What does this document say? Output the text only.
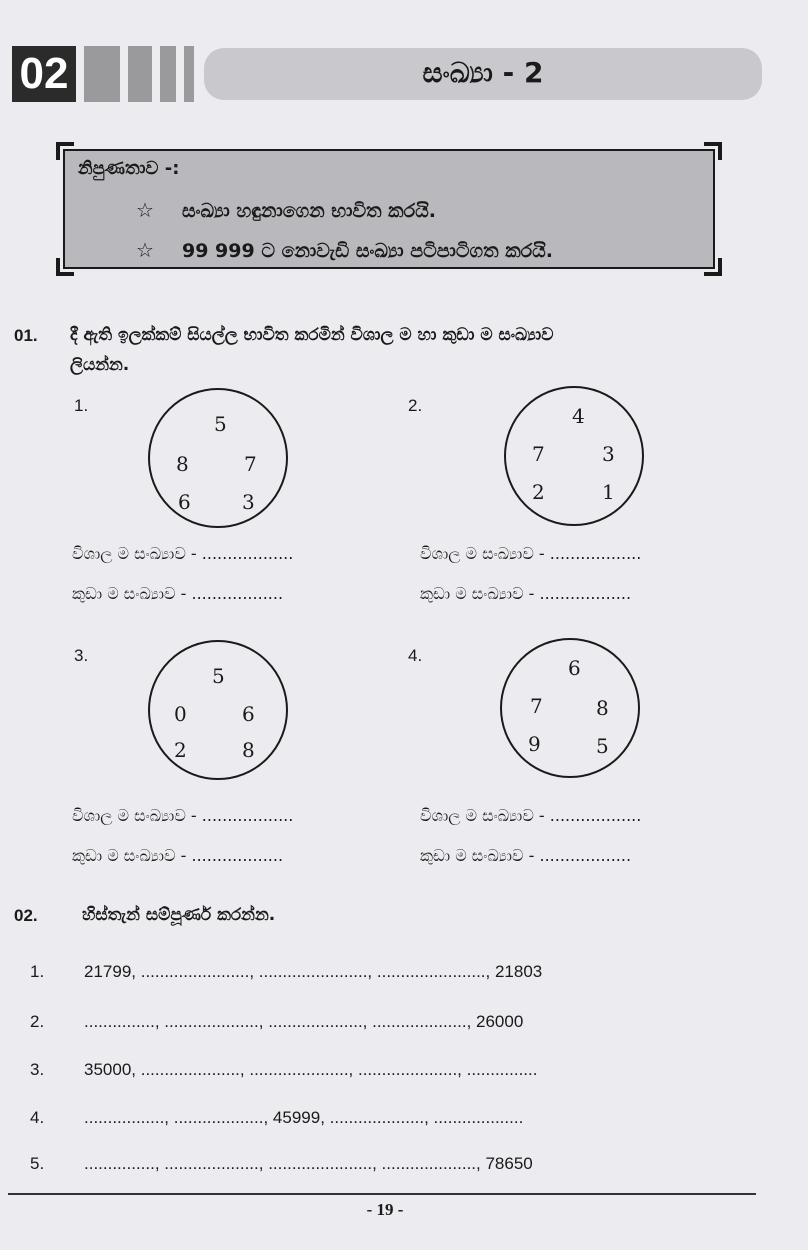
02	සංඛ්‍යා - 2
නිපුණතාව -:
☆ සංඛ්‍යා හඳුනාගෙන භාවිත කරයි.
☆ 99 999 ට නොවැඩි සංඛ්‍යා පටිපාටිගත කරයි.
01. දී ඇති ඉලක්කම් සියල්ල භාවිත කරමින් විශාල ම හා කුඩා ම සංඛ්‍යාව
ලියන්න.
1.
5
8	7
6	3
2.	4
7	3
2	1
විශාල ම සංඛ්‍යාව - ..................	විශාල ම සංඛ්‍යාව - ..................
කුඩා ම සංඛ්‍යාව - ..................	කුඩා ම සංඛ්‍යාව - ..................
3.
5
0	6
2	8
4.
6
7	8
9	5
විශාල ම සංඛ්‍යාව - ..................	විශාල ම සංඛ්‍යාව - ..................
කුඩා ම සංඛ්‍යාව - ..................	කුඩා ම සංඛ්‍යාව - ..................
02.	හිස්තැන් සම්පූර්ණ කරන්න.
1. 21799, ......................., ......................., ......................., 21803
2. ..............., ...................., ...................., ...................., 26000
3. 35000, ....................., ....................., ....................., ...............
4. ................., ..................., 45999, ...................., ...................
5. ..............., ...................., ......................, ...................., 78650
- 19 -
